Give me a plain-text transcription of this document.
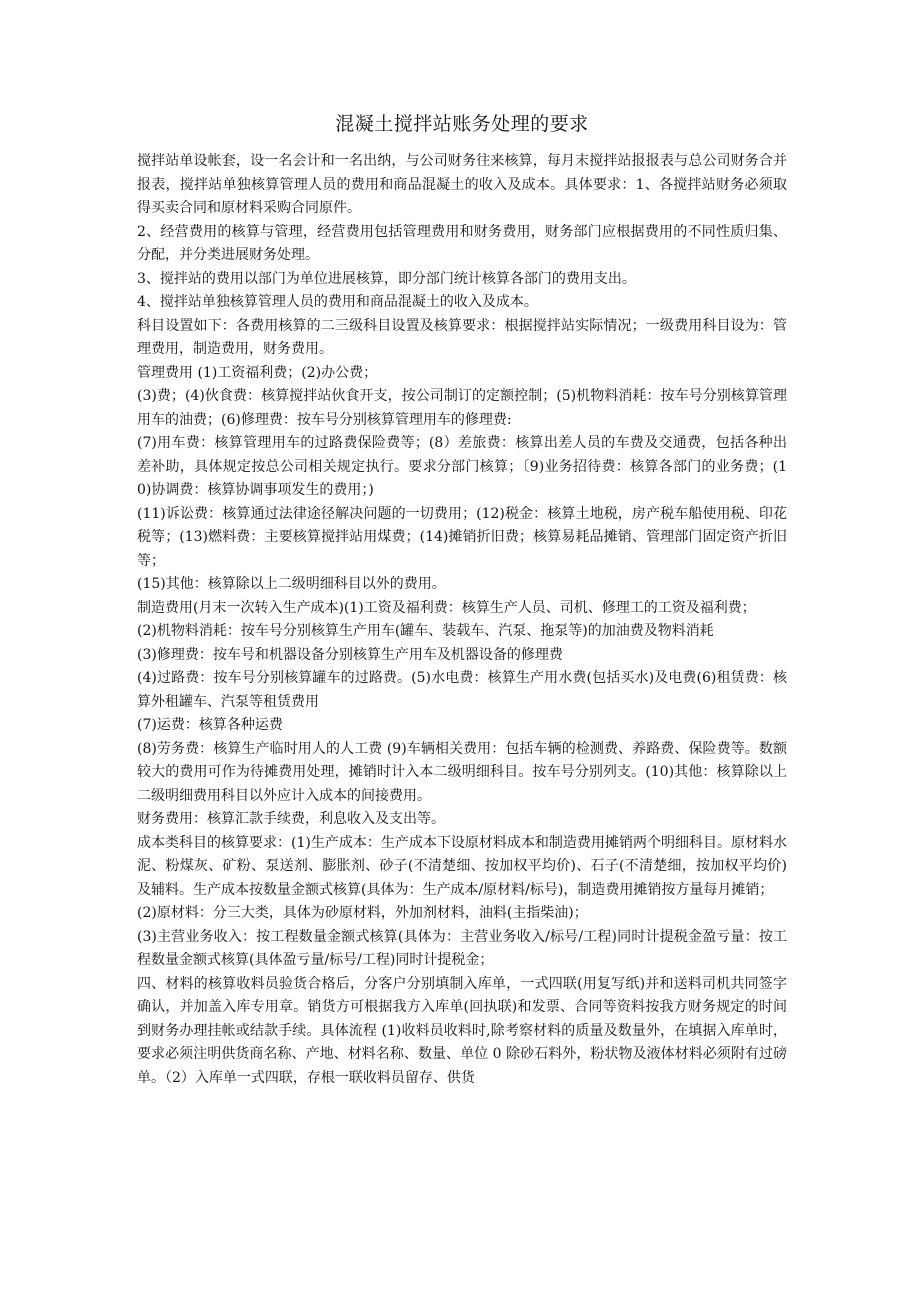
混凝土搅拌站账务处理的要求

搅拌站单设帐套，设一名会计和一名出纳，与公司财务往来核算，每月末搅拌站报报表与总公司财务合并报表，搅拌站单独核算管理人员的费用和商品混凝土的收入及成本。具体要求：1、各搅拌站财务必须取得买卖合同和原材料采购合同原件。

2、经营费用的核算与管理，经营费用包括管理费用和财务费用，财务部门应根据费用的不同性质归集、分配，并分类进展财务处理。

3、搅拌站的费用以部门为单位进展核算，即分部门统计核算各部门的费用支出。

4、搅拌站单独核算管理人员的费用和商品混凝土的收入及成本。

科目设置如下：各费用核算的二三级科目设置及核算要求：根据搅拌站实际情况；一级费用科目设为：管理费用，制造费用，财务费用。

管理费用 (1)工资福利费；(2)办公费；

(3)费；(4)伙食费：核算搅拌站伙食开支，按公司制订的定额控制；(5)机物料消耗：按车号分别核算管理用车的油费；(6)修理费：按车号分别核算管理用车的修理费:

(7)用车费：核算管理用车的过路费保险费等；(8）差旅费：核算出差人员的车费及交通费，包括各种出差补助，具体规定按总公司相关规定执行。要求分部门核算；〔9)业务招待费：核算各部门的业务费；(10)协调费：核算协调事项发生的费用；)

(11)诉讼费：核算通过法律途径解决问题的一切费用；(12)税金：核算土地税，房产税车船使用税、印花税等；(13)燃料费：主要核算搅拌站用煤费；(14)摊销折旧费；核算易耗品摊销、管理部门固定资产折旧等；

(15)其他：核算除以上二级明细科目以外的费用。

制造费用(月末一次转入生产成本)(1)工资及福利费：核算生产人员、司机、修理工的工资及福利费；

(2)机物料消耗：按车号分别核算生产用车(罐车、装载车、汽泵、拖泵等)的加油费及物料消耗

(3)修理费：按车号和机器设备分别核算生产用车及机器设备的修理费

(4)过路费：按车号分别核算罐车的过路费。(5)水电费：核算生产用水费(包括买水)及电费(6)租赁费：核算外租罐车、汽泵等租赁费用

(7)运费：核算各种运费

(8)劳务费：核算生产临时用人的人工费 (9)车辆相关费用：包括车辆的检测费、养路费、保险费等。数额较大的费用可作为待摊费用处理，摊销时计入本二级明细科目。按车号分别列支。(10)其他：核算除以上二级明细费用科目以外应计入成本的间接费用。

财务费用：核算汇款手续费，利息收入及支出等。

成本类科目的核算要求：(1)生产成本：生产成本下设原材料成本和制造费用摊销两个明细科目。原材料水泥、粉煤灰、矿粉、泵送剂、膨胀剂、砂子(不清楚细、按加权平均价)、石子(不清楚细，按加权平均价)及辅料。生产成本按数量金额式核算(具体为：生产成本/原材料/标号)，制造费用摊销按方量每月摊销；

(2)原材料：分三大类，具体为砂原材料，外加剂材料，油料(主指柴油)；

(3)主营业务收入：按工程数量金额式核算(具体为：主营业务收入/标号/工程)同时计提税金盈亏量：按工程数量金额式核算(具体盈亏量/标号/工程)同时计提税金；

四、材料的核算收料员验货合格后，分客户分别填制入库单，一式四联(用复写纸)并和送料司机共同签字确认，并加盖入库专用章。销货方可根据我方入库单(回执联)和发票、合同等资料按我方财务规定的时间到财务办理挂帐或结款手续。具体流程 (1)收料员收料时,除考察材料的质量及数量外，在填据入库单时，要求必须注明供货商名称、产地、材料名称、数量、单位 0 除砂石料外，粉状物及液体材料必须附有过磅单。（2）入库单一式四联，存根一联收料员留存、供货
